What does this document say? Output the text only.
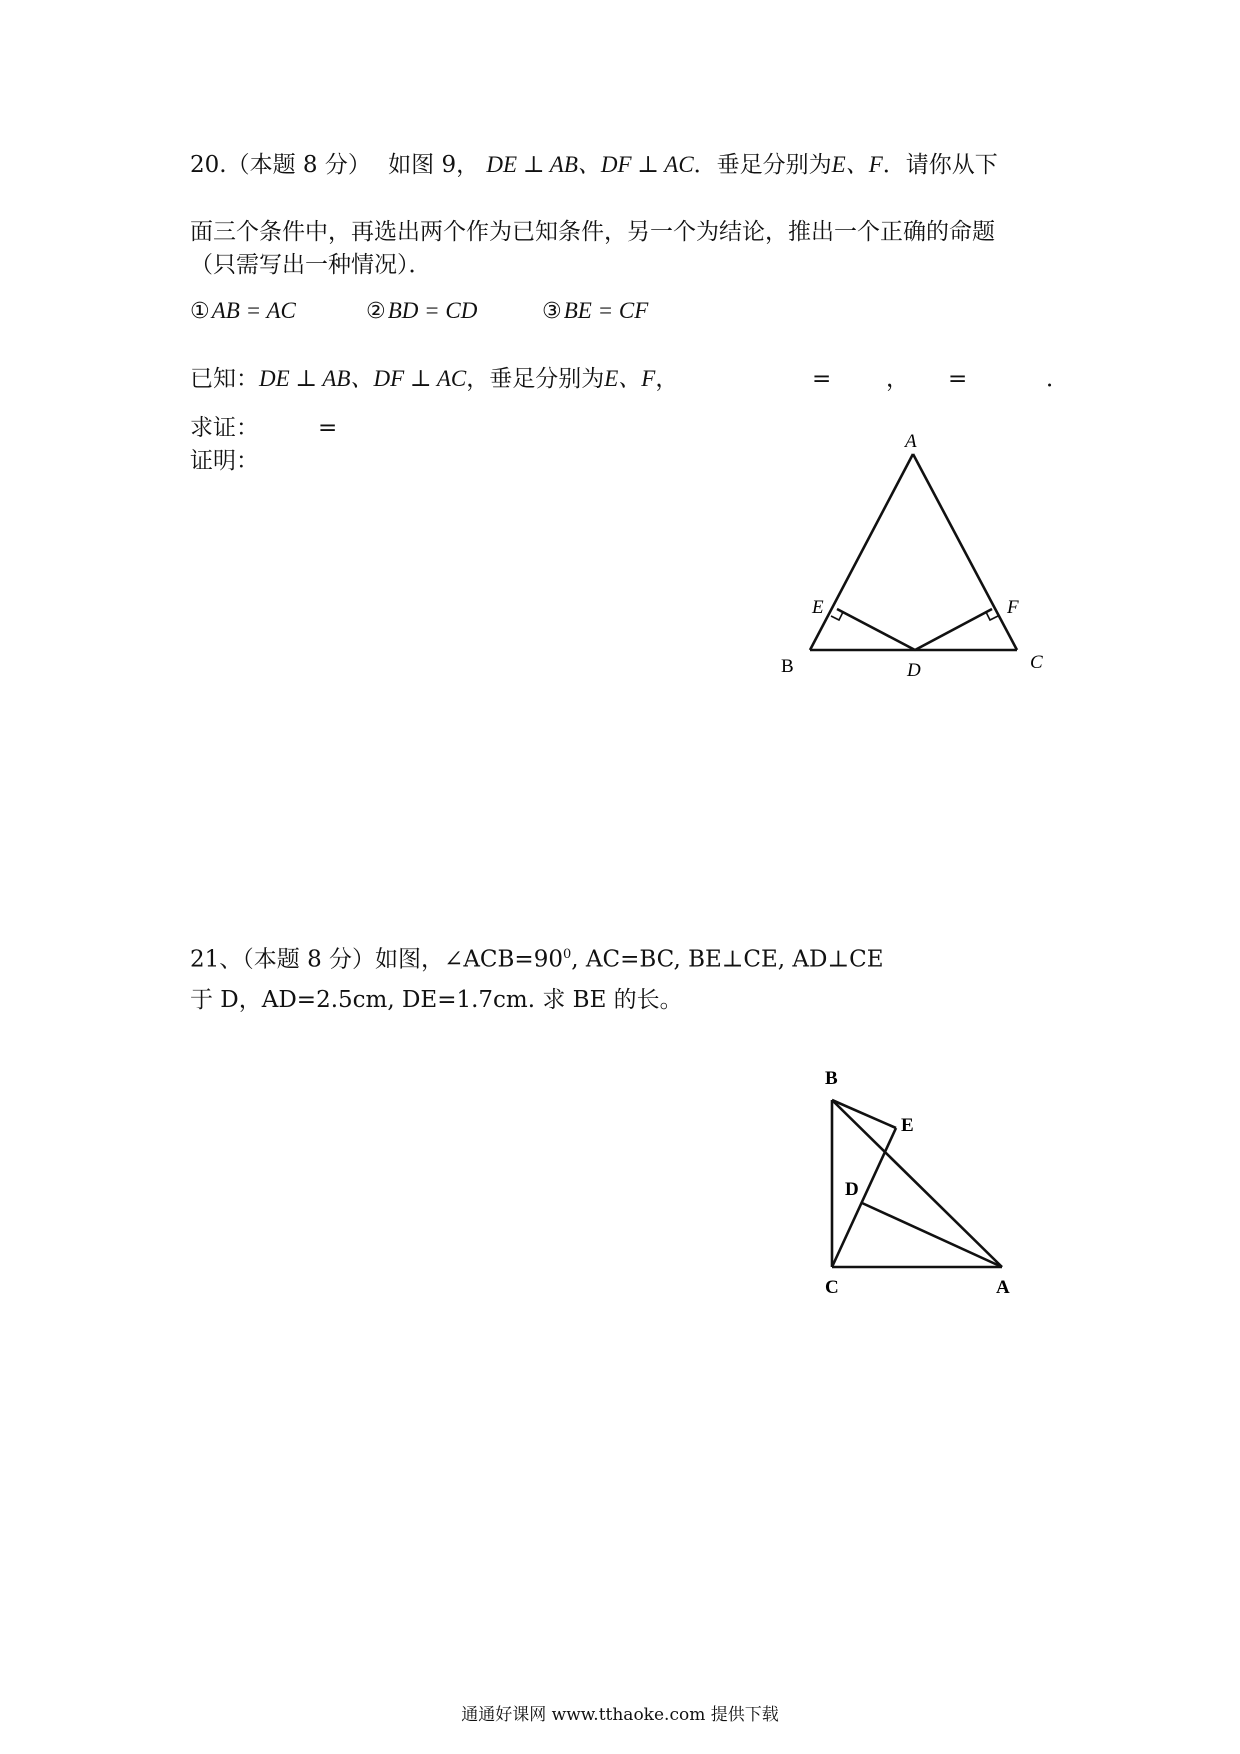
20.（本题 8 分） 如图 9， DE ⊥ AB、DF ⊥ AC．垂足分别为E、F．请你从下
面三个条件中，再选出两个作为已知条件，另一个为结论，推出一个正确的命题
（只需写出一种情况）．
①AB = AC	②BD = CD	③BE = CF
已知：DE ⊥ AB、DF ⊥ AC，垂足分别为E、F，	= ， =	．
求证：	=
证明：
A
B	C
D
E	F
21、（本题 8 分）如图，$\angle ACB=90^0$, AC=BC, BE⊥CE, AD⊥CE
于 D，AD=2.5cm, DE=1.7cm. 求 BE 的长。
B
E
D
C	A
通通好课网 www.tthaoke.com 提供下载
